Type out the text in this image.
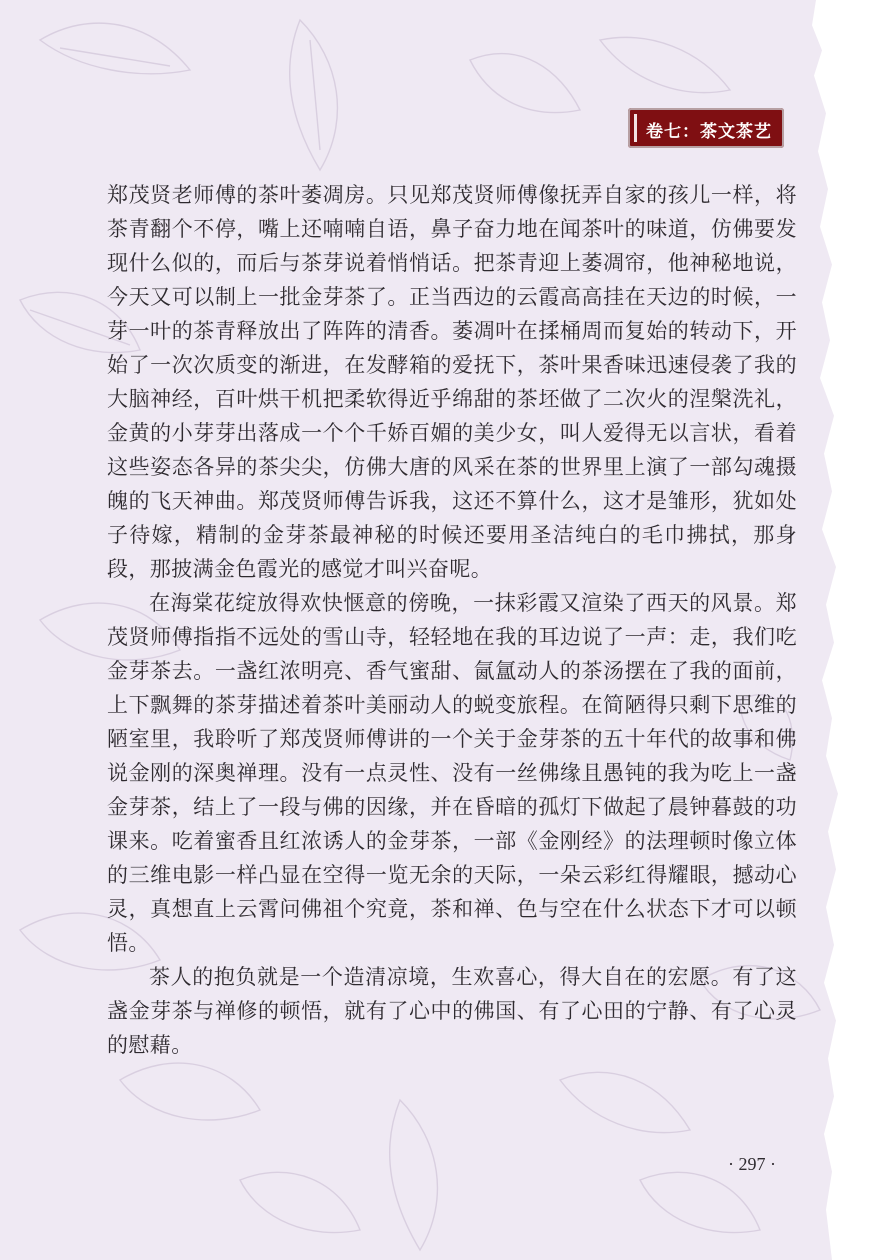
卷七：茶文茶艺

郑茂贤老师傅的茶叶萎凋房。只见郑茂贤师傅像抚弄自家的孩儿一样，将茶青翻个不停，嘴上还喃喃自语，鼻子奋力地在闻茶叶的味道，仿佛要发现什么似的，而后与茶芽说着悄悄话。把茶青迎上萎凋帘，他神秘地说，今天又可以制上一批金芽茶了。正当西边的云霞高高挂在天边的时候，一芽一叶的茶青释放出了阵阵的清香。萎凋叶在揉桶周而复始的转动下，开始了一次次质变的渐进，在发酵箱的爱抚下，茶叶果香味迅速侵袭了我的大脑神经，百叶烘干机把柔软得近乎绵甜的茶坯做了二次火的涅槃洗礼，金黄的小芽芽出落成一个个千娇百媚的美少女，叫人爱得无以言状，看着这些姿态各异的茶尖尖，仿佛大唐的风采在茶的世界里上演了一部勾魂摄魄的飞天神曲。郑茂贤师傅告诉我，这还不算什么，这才是雏形，犹如处子待嫁，精制的金芽茶最神秘的时候还要用圣洁纯白的毛巾拂拭，那身段，那披满金色霞光的感觉才叫兴奋呢。

在海棠花绽放得欢快惬意的傍晚，一抹彩霞又渲染了西天的风景。郑茂贤师傅指指不远处的雪山寺，轻轻地在我的耳边说了一声：走，我们吃金芽茶去。一盏红浓明亮、香气蜜甜、氤氲动人的茶汤摆在了我的面前，上下飘舞的茶芽描述着茶叶美丽动人的蜕变旅程。在简陋得只剩下思维的陋室里，我聆听了郑茂贤师傅讲的一个关于金芽茶的五十年代的故事和佛说金刚的深奥禅理。没有一点灵性、没有一丝佛缘且愚钝的我为吃上一盏金芽茶，结上了一段与佛的因缘，并在昏暗的孤灯下做起了晨钟暮鼓的功课来。吃着蜜香且红浓诱人的金芽茶，一部《金刚经》的法理顿时像立体的三维电影一样凸显在空得一览无余的天际，一朵云彩红得耀眼，撼动心灵，真想直上云霄问佛祖个究竟，茶和禅、色与空在什么状态下才可以顿悟。

茶人的抱负就是一个造清凉境，生欢喜心，得大自在的宏愿。有了这盏金芽茶与禅修的顿悟，就有了心中的佛国、有了心田的宁静、有了心灵的慰藉。

· 297 ·
